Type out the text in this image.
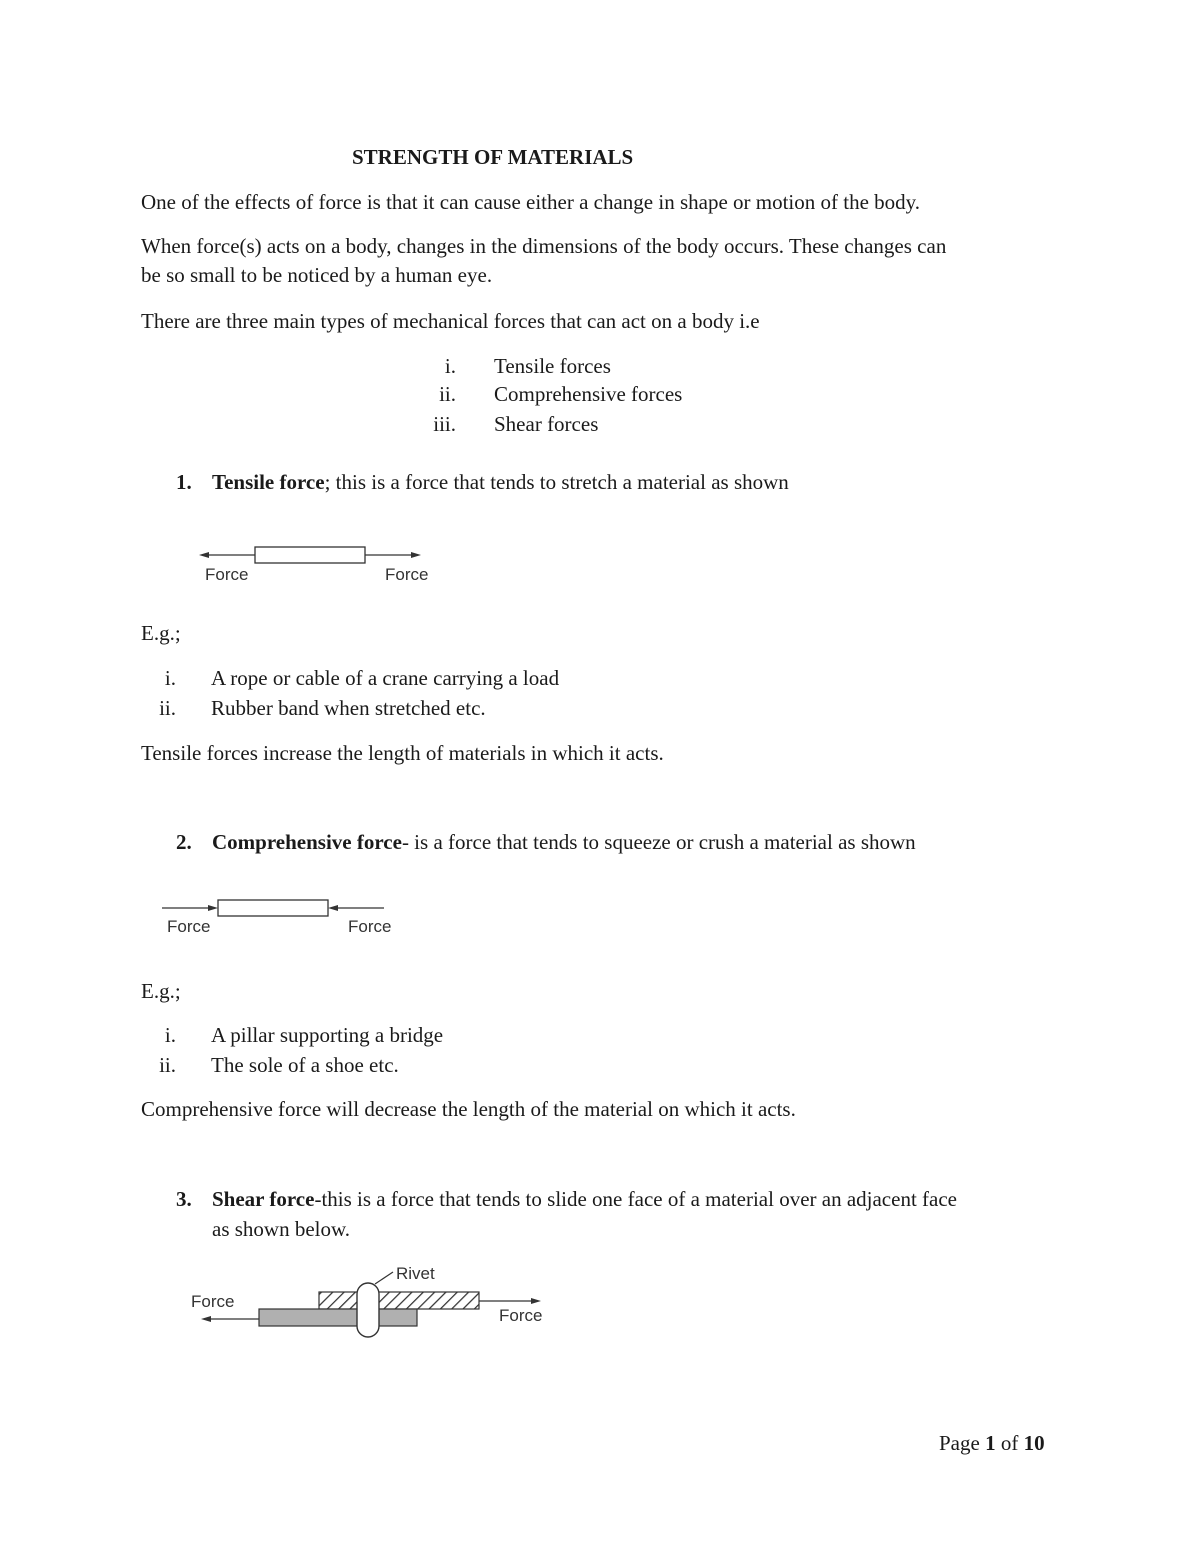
STRENGTH OF MATERIALS
One of the effects of force is that it can cause either a change in shape or motion of the body.
When force(s) acts on a body, changes in the dimensions of the body occurs. These changes can
be so small to be noticed by a human eye.
There are three main types of mechanical forces that can act on a body i.e
i. Tensile forces
ii. Comprehensive forces
iii. Shear forces
1. Tensile force; this is a force that tends to stretch a material as shown
Force	Force
E.g.;
i. A rope or cable of a crane carrying a load
ii. Rubber band when stretched etc.
Tensile forces increase the length of materials in which it acts.
2. Comprehensive force- is a force that tends to squeeze or crush a material as shown
Force	Force
E.g.;
i. A pillar supporting a bridge
ii. The sole of a shoe etc.
Comprehensive force will decrease the length of the material on which it acts.
3. Shear force-this is a force that tends to slide one face of a material over an adjacent face
as shown below.
Rivet
Force
Force
Page 1 of 10
